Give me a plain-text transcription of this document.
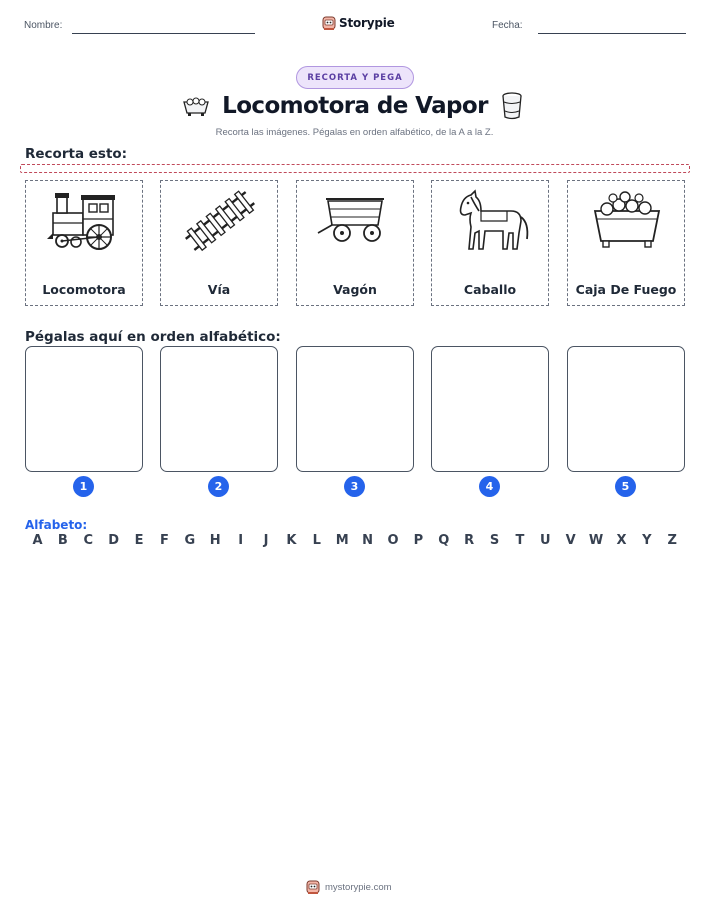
Nombre:	Storypie	Fecha:
RECORTA Y PEGA
Locomotora de Vapor
Recorta las imágenes. Pégalas en orden alfabético, de la A a la Z.
Recorta esto:
Locomotora	Vía	Vagón	Caballo	Caja De Fuego
Pégalas aquí en orden alfabético:
1	2	3	4	5
Alfabeto:
A	B	C	D	E	F	G	H	I	J	K	L	M	N	O	P	Q	R	S	T	U	V	W	X	Y	Z
mystorypie.com
